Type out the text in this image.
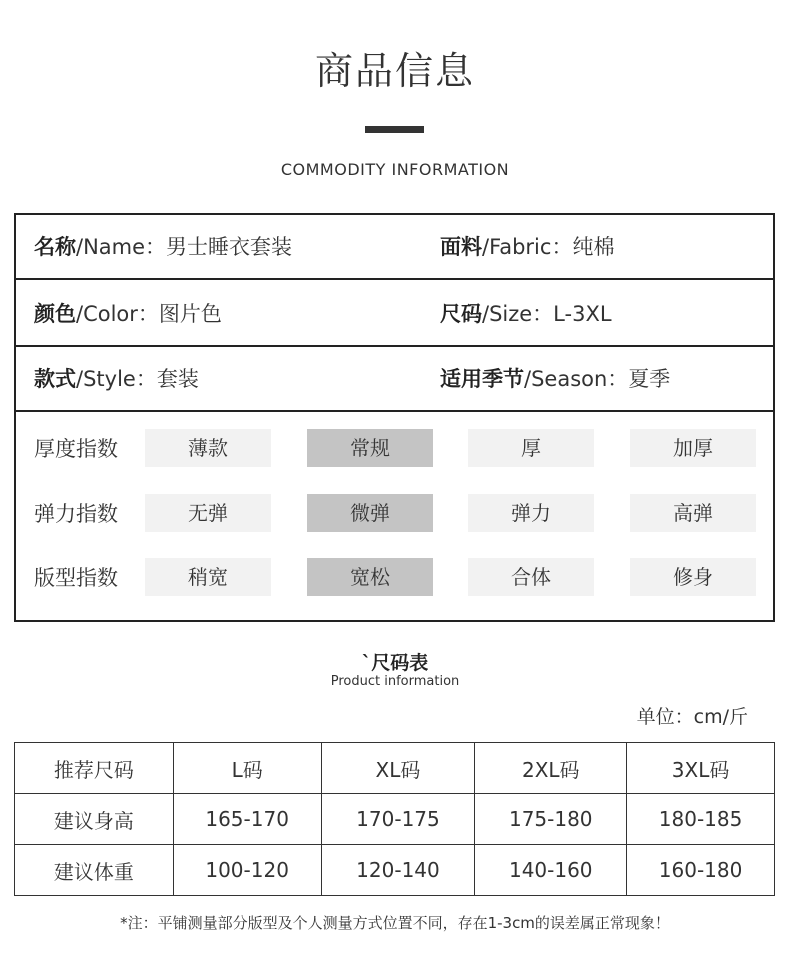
商品信息
COMMODITY INFORMATION
名称/Name：男士睡衣套装	面料/Fabric：纯棉
颜色/Color：图片色	尺码/Size：L-3XL
款式/Style：套装	适用季节/Season：夏季
厚度指数	薄款	常规	厚	加厚
弹力指数	无弹	微弹	弹力	高弹
版型指数	稍宽	宽松	合体	修身
`尺码表
Product information
单位：cm/斤
推荐尺码	L码	XL码	2XL码	3XL码
建议身高	165-170	170-175	175-180	180-185
建议体重	100-120	120-140	140-160	160-180
*注：平铺测量部分版型及个人测量方式位置不同，存在1-3cm的误差属正常现象！
